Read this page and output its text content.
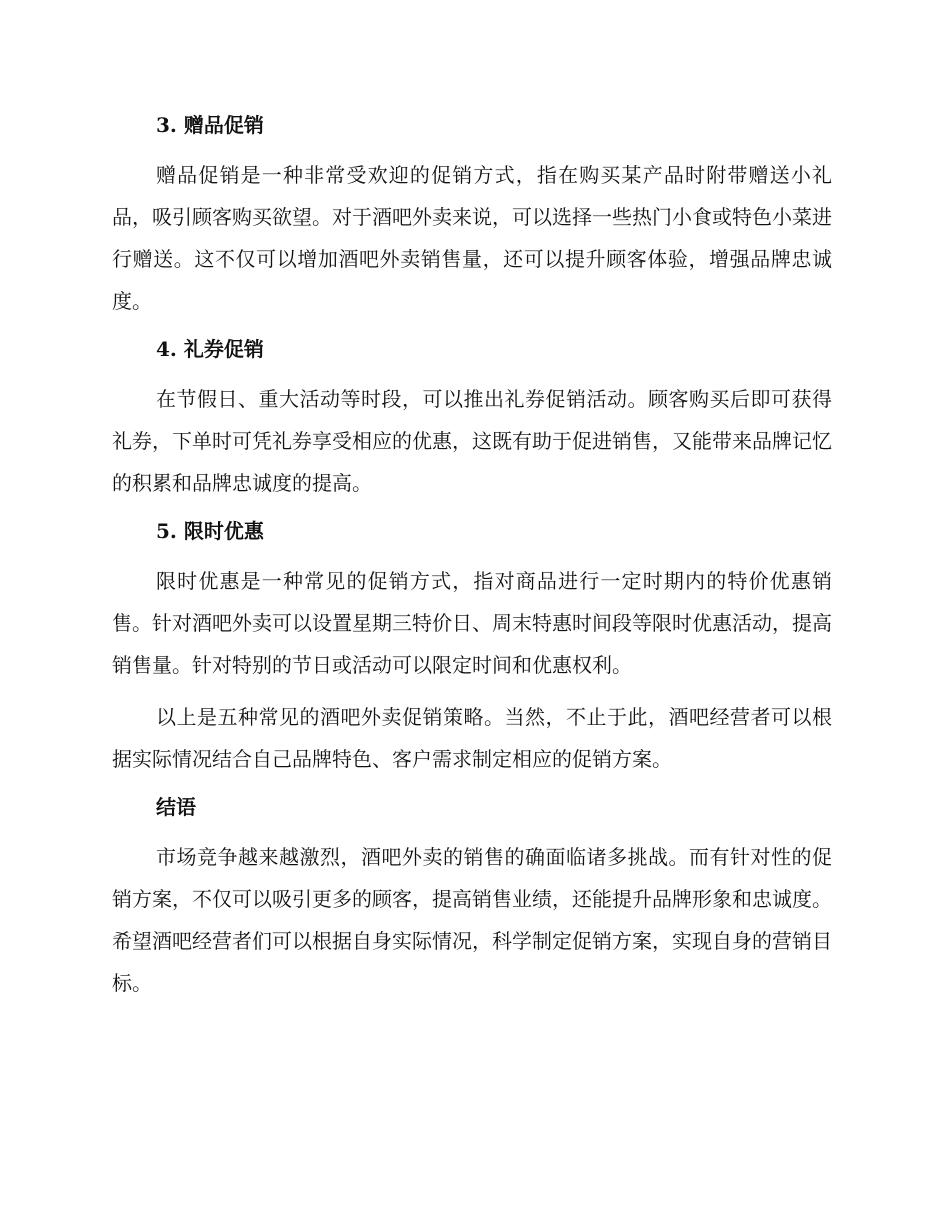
3. 赠品促销

赠品促销是一种非常受欢迎的促销方式，指在购买某产品时附带赠送小礼品，吸引顾客购买欲望。对于酒吧外卖来说，可以选择一些热门小食或特色小菜进行赠送。这不仅可以增加酒吧外卖销售量，还可以提升顾客体验，增强品牌忠诚度。

4. 礼券促销

在节假日、重大活动等时段，可以推出礼券促销活动。顾客购买后即可获得礼券，下单时可凭礼券享受相应的优惠，这既有助于促进销售，又能带来品牌记忆的积累和品牌忠诚度的提高。

5. 限时优惠

限时优惠是一种常见的促销方式，指对商品进行一定时期内的特价优惠销售。针对酒吧外卖可以设置星期三特价日、周末特惠时间段等限时优惠活动，提高销售量。针对特别的节日或活动可以限定时间和优惠权利。

以上是五种常见的酒吧外卖促销策略。当然，不止于此，酒吧经营者可以根据实际情况结合自己品牌特色、客户需求制定相应的促销方案。

结语

市场竞争越来越激烈，酒吧外卖的销售的确面临诸多挑战。而有针对性的促销方案，不仅可以吸引更多的顾客，提高销售业绩，还能提升品牌形象和忠诚度。希望酒吧经营者们可以根据自身实际情况，科学制定促销方案，实现自身的营销目标。
